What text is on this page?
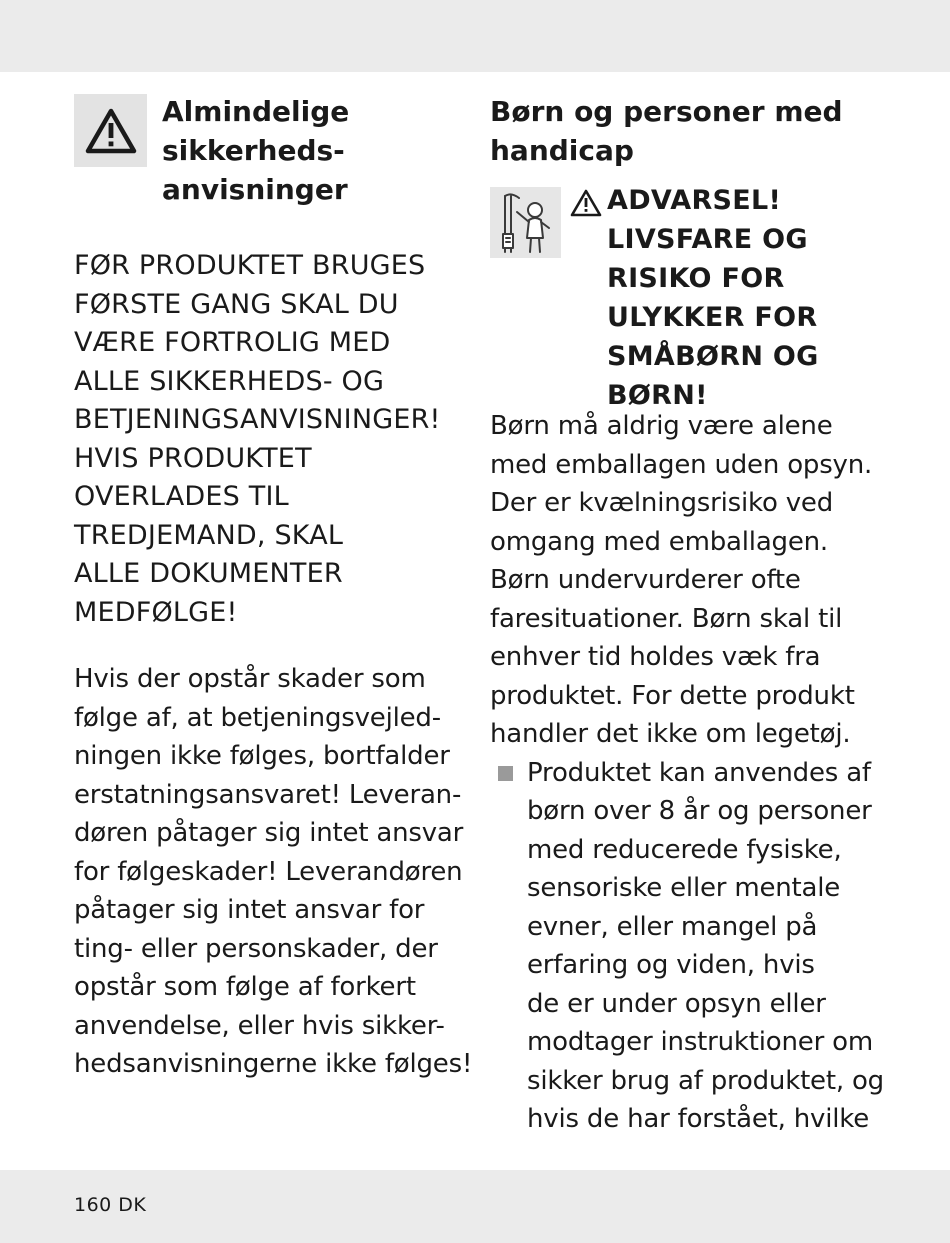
Almindelige
sikkerheds-
anvisninger
FØR PRODUKTET BRUGES
FØRSTE GANG SKAL DU
VÆRE FORTROLIG MED
ALLE SIKKERHEDS- OG
BETJENINGSANVISNINGER!
HVIS PRODUKTET
OVERLADES TIL
TREDJEMAND, SKAL
ALLE DOKUMENTER
MEDFØLGE!
Hvis der opstår skader som
følge af, at betjeningsvejled-
ningen ikke følges, bortfalder
erstatningsansvaret! Leveran-
døren påtager sig intet ansvar
for følgeskader! Leverandøren
påtager sig intet ansvar for
ting- eller personskader, der
opstår som følge af forkert
anvendelse, eller hvis sikker-
hedsanvisningerne ikke følges!
Børn og personer med
handicap
ADVARSEL!
LIVSFARE OG
RISIKO FOR
ULYKKER FOR
SMÅBØRN OG
BØRN!
Børn må aldrig være alene
med emballagen uden opsyn.
Der er kvælningsrisiko ved
omgang med emballagen.
Børn undervurderer ofte
faresituationer. Børn skal til
enhver tid holdes væk fra
produktet. For dette produkt
handler det ikke om legetøj.
Produktet kan anvendes af
børn over 8 år og personer
med reducerede fysiske,
sensoriske eller mentale
evner, eller mangel på
erfaring og viden, hvis
de er under opsyn eller
modtager instruktioner om
sikker brug af produktet, og
hvis de har forstået, hvilke
160 DK
